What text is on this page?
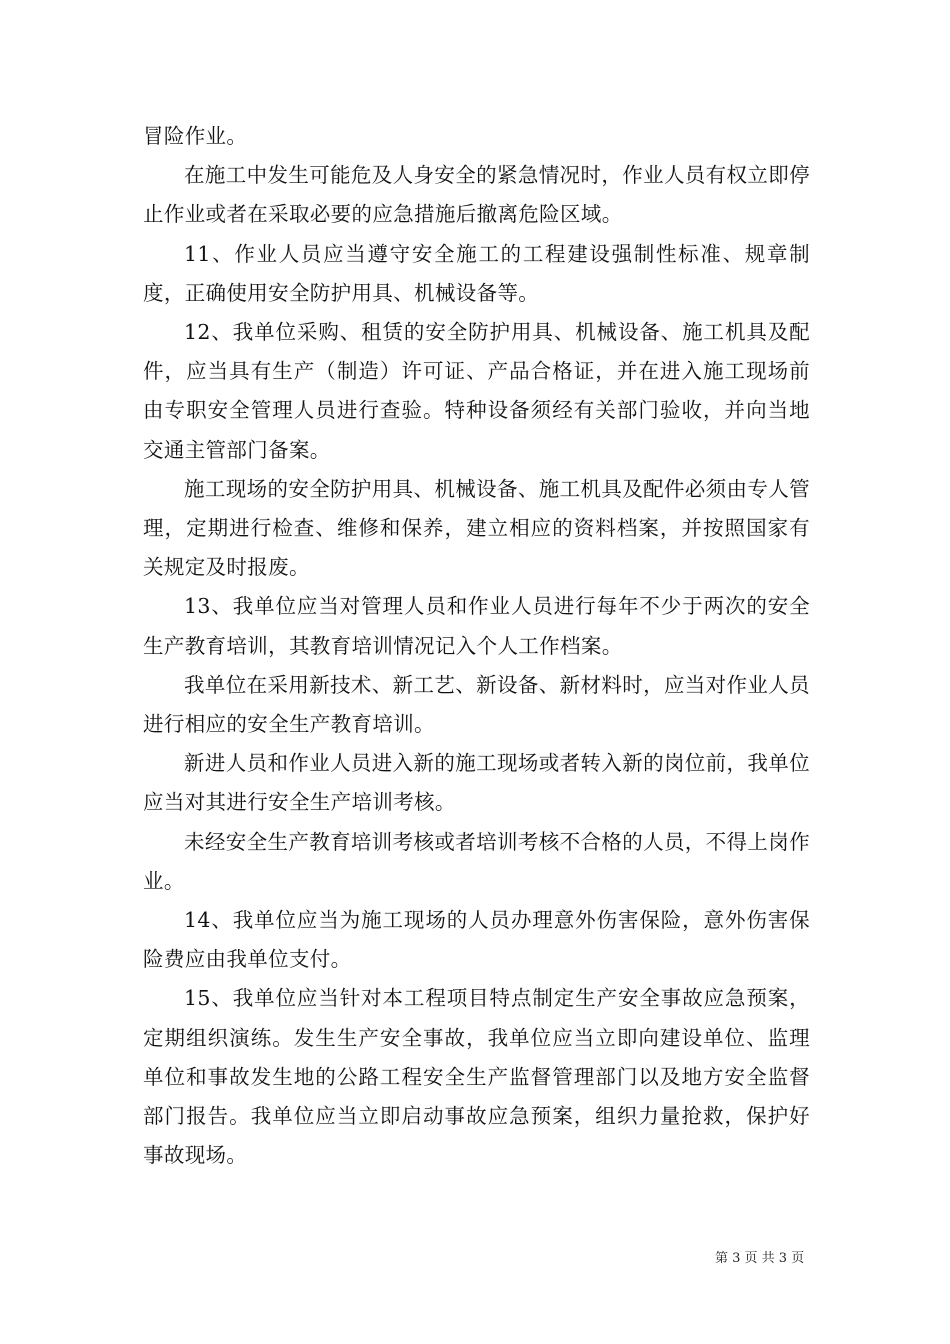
冒险作业。

在施工中发生可能危及人身安全的紧急情况时，作业人员有权立即停止作业或者在采取必要的应急措施后撤离危险区域。

11、作业人员应当遵守安全施工的工程建设强制性标准、规章制度，正确使用安全防护用具、机械设备等。

12、我单位采购、租赁的安全防护用具、机械设备、施工机具及配件，应当具有生产（制造）许可证、产品合格证，并在进入施工现场前由专职安全管理人员进行查验。特种设备须经有关部门验收，并向当地交通主管部门备案。

施工现场的安全防护用具、机械设备、施工机具及配件必须由专人管理，定期进行检查、维修和保养，建立相应的资料档案，并按照国家有关规定及时报废。

13、我单位应当对管理人员和作业人员进行每年不少于两次的安全生产教育培训，其教育培训情况记入个人工作档案。

我单位在采用新技术、新工艺、新设备、新材料时，应当对作业人员进行相应的安全生产教育培训。

新进人员和作业人员进入新的施工现场或者转入新的岗位前，我单位应当对其进行安全生产培训考核。

未经安全生产教育培训考核或者培训考核不合格的人员，不得上岗作业。

14、我单位应当为施工现场的人员办理意外伤害保险，意外伤害保险费应由我单位支付。

15、我单位应当针对本工程项目特点制定生产安全事故应急预案，定期组织演练。发生生产安全事故，我单位应当立即向建设单位、监理单位和事故发生地的公路工程安全生产监督管理部门以及地方安全监督部门报告。我单位应当立即启动事故应急预案，组织力量抢救，保护好事故现场。

第 3 页 共 3 页
